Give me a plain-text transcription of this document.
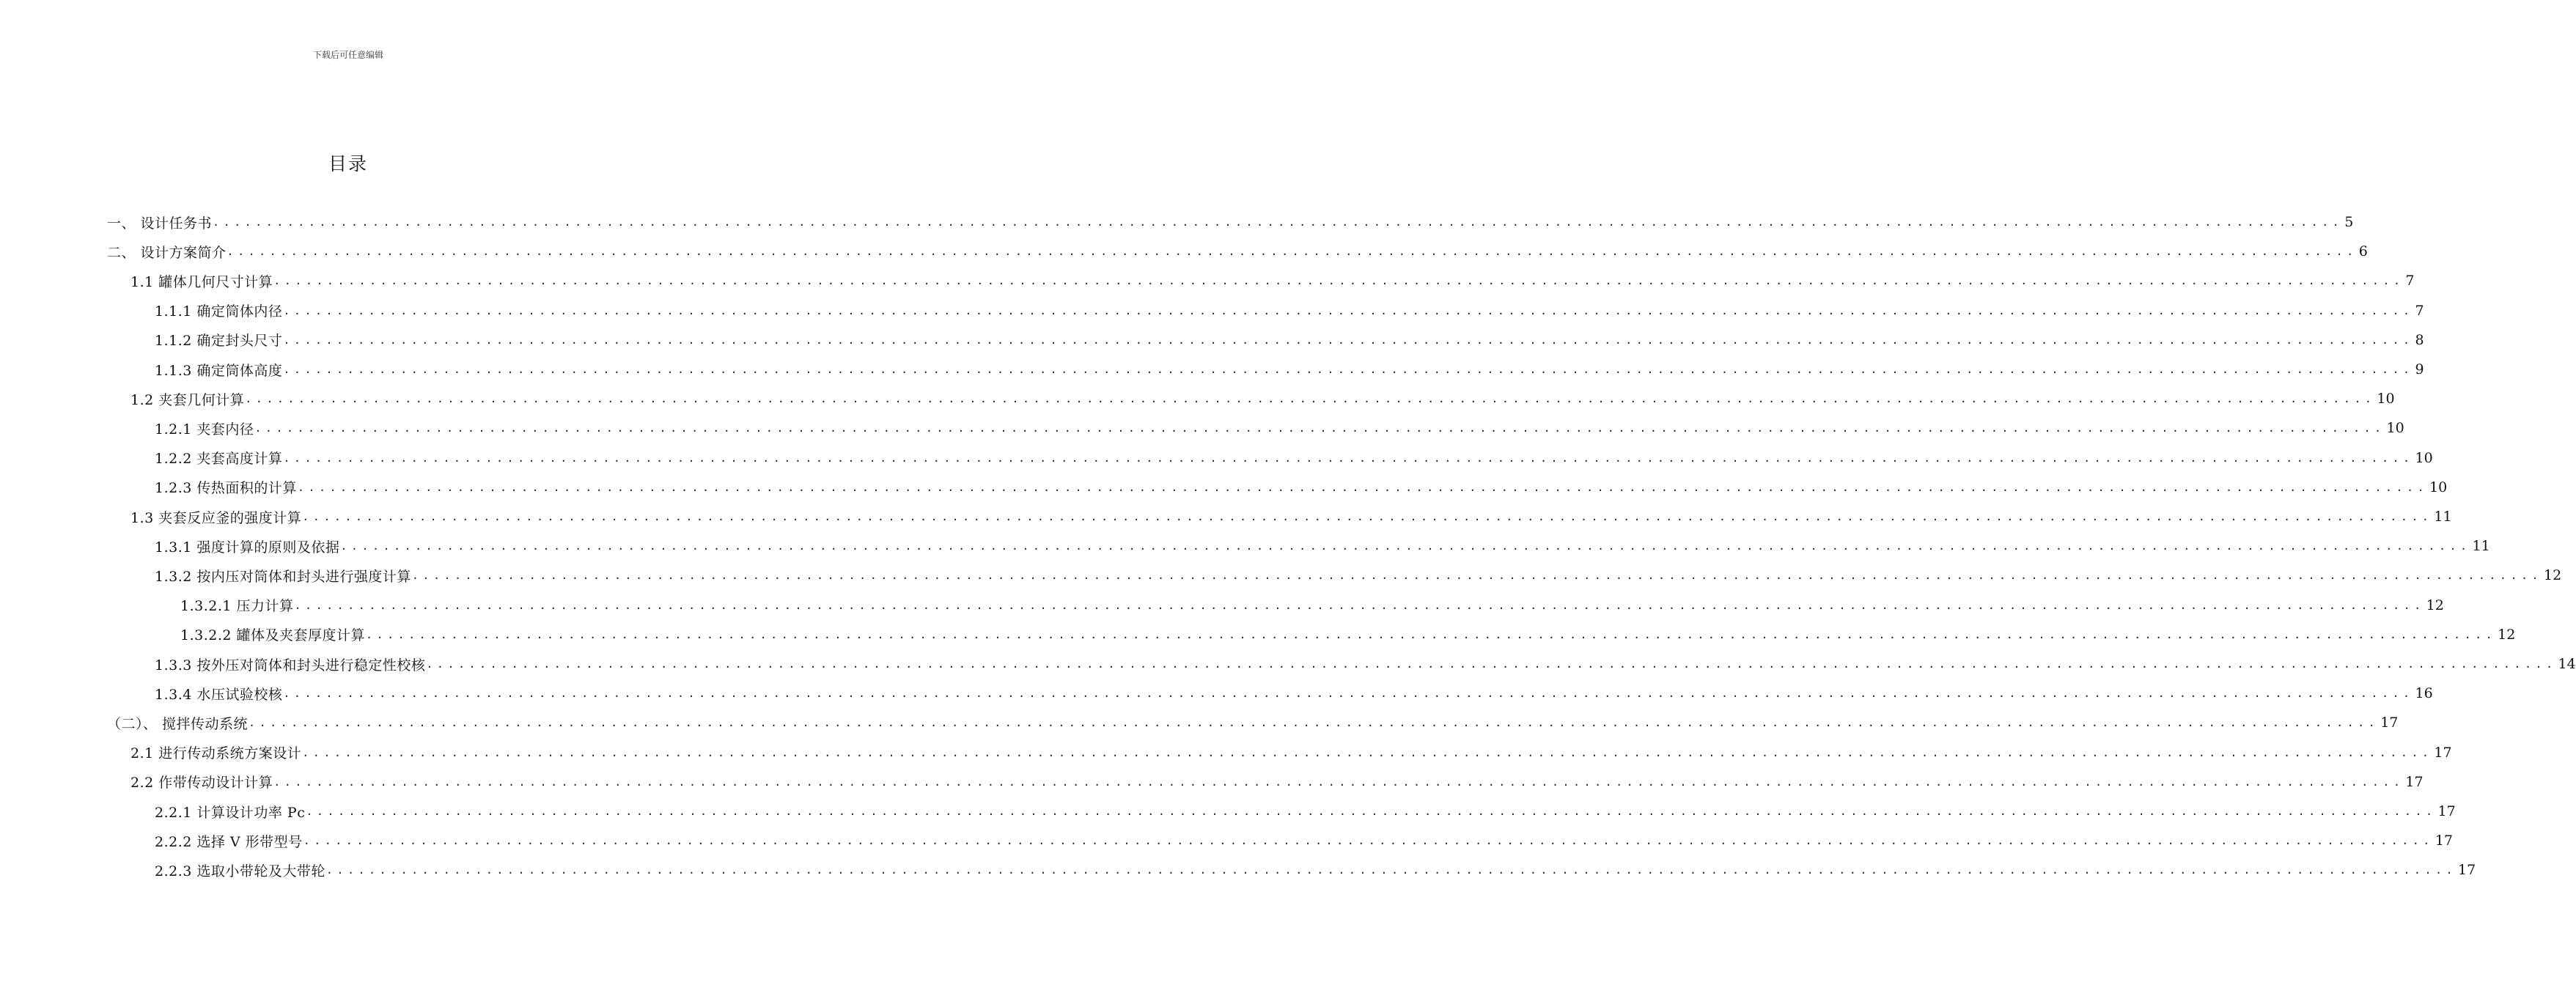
下载后可任意编辑
目录
一、 设计任务书 ........................................................................................................................................................................................................ 5
二、 设计方案简介 ........................................................................................................................................................................................................ 6
1.1 罐体几何尺寸计算 ........................................................................................................................................................................................................ 7
1.1.1 确定筒体内径 ........................................................................................................................................................................................................ 7
1.1.2 确定封头尺寸 ........................................................................................................................................................................................................ 8
1.1.3 确定筒体高度 ........................................................................................................................................................................................................ 9
1.2 夹套几何计算 ........................................................................................................................................................................................................ 10
1.2.1 夹套内径 ........................................................................................................................................................................................................ 10
1.2.2 夹套高度计算 ........................................................................................................................................................................................................ 10
1.2.3 传热面积的计算 ........................................................................................................................................................................................................ 10
1.3 夹套反应釜的强度计算 ........................................................................................................................................................................................................ 11
1.3.1 强度计算的原则及依据 ........................................................................................................................................................................................................ 11
1.3.2 按内压对筒体和封头进行强度计算 ........................................................................................................................................................................................................ 12
1.3.2.1 压力计算 ........................................................................................................................................................................................................ 12
1.3.2.2 罐体及夹套厚度计算 ........................................................................................................................................................................................................ 12
1.3.3 按外压对筒体和封头进行稳定性校核 ........................................................................................................................................................................................................ 14
1.3.4 水压试验校核 ........................................................................................................................................................................................................ 16
（二）、 搅拌传动系统 ........................................................................................................................................................................................................ 17
2.1 进行传动系统方案设计 ........................................................................................................................................................................................................ 17
2.2 作带传动设计计算 ........................................................................................................................................................................................................ 17
2.2.1 计算设计功率 Pc ........................................................................................................................................................................................................ 17
2.2.2 选择 V 形带型号 ........................................................................................................................................................................................................ 17
2.2.3 选取小带轮及大带轮 ........................................................................................................................................................................................................ 17
